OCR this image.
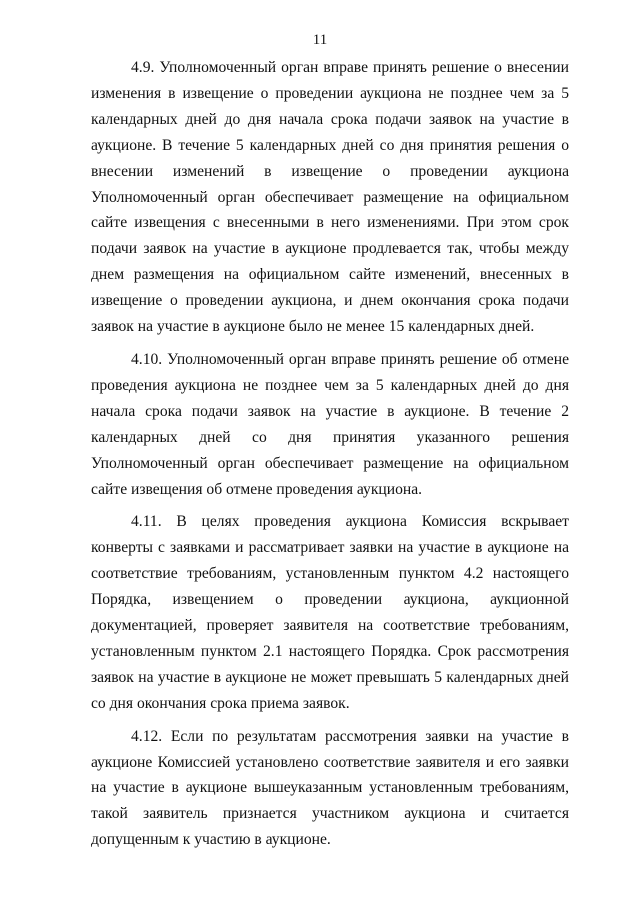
11

4.9. Уполномоченный орган вправе принять решение о внесении изменения в извещение о проведении аукциона не позднее чем за 5 календарных дней до дня начала срока подачи заявок на участие в аукционе. В течение 5 календарных дней со дня принятия решения о внесении изменений в извещение о проведении аукциона Уполномоченный орган обеспечивает размещение на официальном сайте извещения с внесенными в него изменениями. При этом срок подачи заявок на участие в аукционе продлевается так, чтобы между днем размещения на официальном сайте изменений, внесенных в извещение о проведении аукциона, и днем окончания срока подачи заявок на участие в аукционе было не менее 15 календарных дней.

4.10. Уполномоченный орган вправе принять решение об отмене проведения аукциона не позднее чем за 5 календарных дней до дня начала срока подачи заявок на участие в аукционе. В течение 2 календарных дней со дня принятия указанного решения Уполномоченный орган обеспечивает размещение на официальном сайте извещения об отмене проведения аукциона.

4.11. В целях проведения аукциона Комиссия вскрывает конверты с заявками и рассматривает заявки на участие в аукционе на соответствие требованиям, установленным пунктом 4.2 настоящего Порядка, извещением о проведении аукциона, аукционной документацией, проверяет заявителя на соответствие требованиям, установленным пунктом 2.1 настоящего Порядка. Срок рассмотрения заявок на участие в аукционе не может превышать 5 календарных дней со дня окончания срока приема заявок.

4.12. Если по результатам рассмотрения заявки на участие в аукционе Комиссией установлено соответствие заявителя и его заявки на участие в аукционе вышеуказанным установленным требованиям, такой заявитель признается участником аукциона и считается допущенным к участию в аукционе.
